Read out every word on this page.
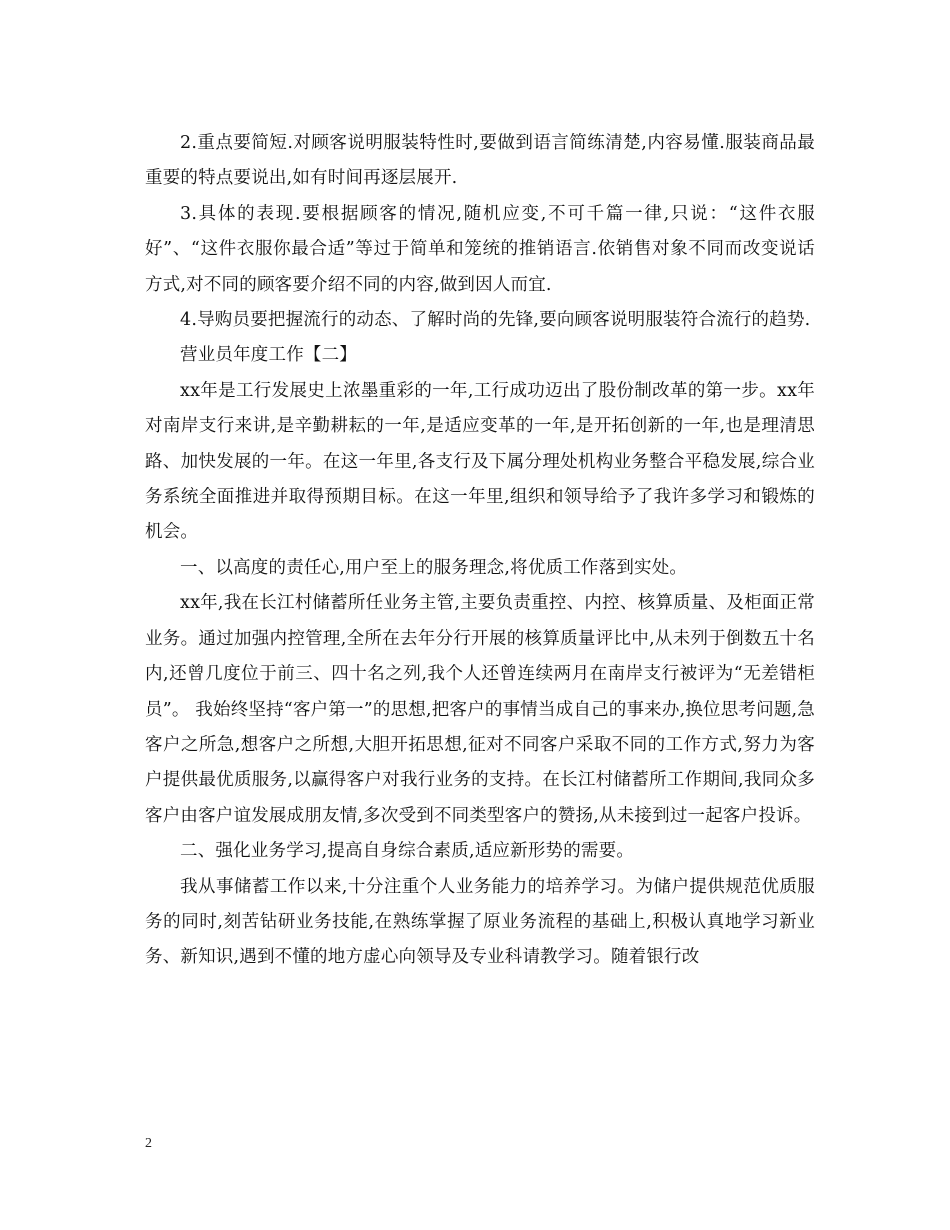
2.重点要简短.对顾客说明服装特性时,要做到语言简练清楚,内容易懂.服装商品最重要的特点要说出,如有时间再逐层展开.

3.具体的表现.要根据顾客的情况,随机应变,不可千篇一律,只说：“这件衣服好”、“这件衣服你最合适”等过于简单和笼统的推销语言.依销售对象不同而改变说话方式,对不同的顾客要介绍不同的内容,做到因人而宜.

4.导购员要把握流行的动态、了解时尚的先锋,要向顾客说明服装符合流行的趋势.

营业员年度工作【二】

xx年是工行发展史上浓墨重彩的一年,工行成功迈出了股份制改革的第一步。xx年对南岸支行来讲,是辛勤耕耘的一年,是适应变革的一年,是开拓创新的一年,也是理清思路、加快发展的一年。在这一年里,各支行及下属分理处机构业务整合平稳发展,综合业务系统全面推进并取得预期目标。在这一年里,组织和领导给予了我许多学习和锻炼的机会。

一、以高度的责任心,用户至上的服务理念,将优质工作落到实处。

xx年,我在长江村储蓄所任业务主管,主要负责重控、内控、核算质量、及柜面正常业务。通过加强内控管理,全所在去年分行开展的核算质量评比中,从未列于倒数五十名内,还曾几度位于前三、四十名之列,我个人还曾连续两月在南岸支行被评为“无差错柜员”。 我始终坚持“客户第一”的思想,把客户的事情当成自己的事来办,换位思考问题,急客户之所急,想客户之所想,大胆开拓思想,征对不同客户采取不同的工作方式,努力为客户提供最优质服务,以赢得客户对我行业务的支持。在长江村储蓄所工作期间,我同众多客户由客户谊发展成朋友情,多次受到不同类型客户的赞扬,从未接到过一起客户投诉。

二、强化业务学习,提高自身综合素质,适应新形势的需要。

我从事储蓄工作以来,十分注重个人业务能力的培养学习。为储户提供规范优质服务的同时,刻苦钻研业务技能,在熟练掌握了原业务流程的基础上,积极认真地学习新业务、新知识,遇到不懂的地方虚心向领导及专业科请教学习。随着银行改

2
